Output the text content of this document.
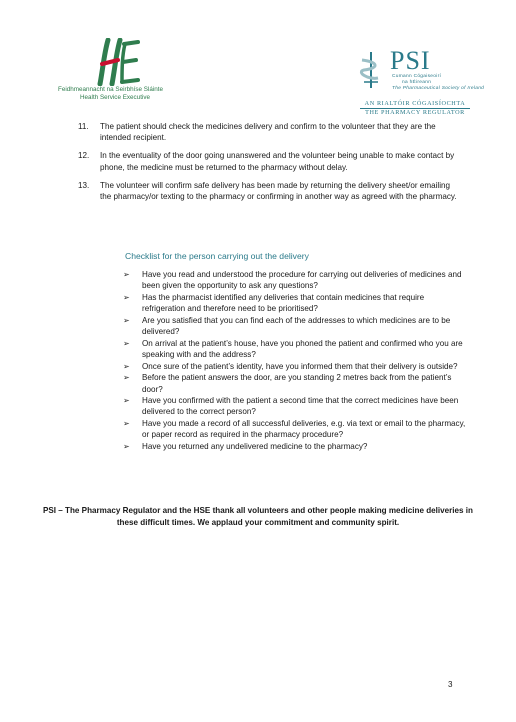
Feidhmeannacht na Seirbhíse Sláinte
Health Service Executive
PSI
Cumann Cógaiseoirí
na hÉireann
The Pharmaceutical Society of Ireland
AN RIALTÓIR CÓGAISÍOCHTA
THE PHARMACY REGULATOR
11. The patient should check the medicines delivery and confirm to the volunteer that they are the intended recipient.
12. In the eventuality of the door going unanswered and the volunteer being unable to make contact by phone, the medicine must be returned to the pharmacy without delay.
13. The volunteer will confirm safe delivery has been made by returning the delivery sheet/or emailing the pharmacy/or texting to the pharmacy or confirming in another way as agreed with the pharmacy.
Checklist for the person carrying out the delivery
➢ Have you read and understood the procedure for carrying out deliveries of medicines and been given the opportunity to ask any questions?
➢ Has the pharmacist identified any deliveries that contain medicines that require refrigeration and therefore need to be prioritised?
➢ Are you satisfied that you can find each of the addresses to which medicines are to be delivered?
➢ On arrival at the patient’s house, have you phoned the patient and confirmed who you are speaking with and the address?
➢ Once sure of the patient’s identity, have you informed them that their delivery is outside?
➢ Before the patient answers the door, are you standing 2 metres back from the patient’s door?
➢ Have you confirmed with the patient a second time that the correct medicines have been delivered to the correct person?
➢ Have you made a record of all successful deliveries, e.g. via text or email to the pharmacy, or paper record as required in the pharmacy procedure?
➢ Have you returned any undelivered medicine to the pharmacy?
PSI – The Pharmacy Regulator and the HSE thank all volunteers and other people making medicine deliveries in these difficult times. We applaud your commitment and community spirit.
3
